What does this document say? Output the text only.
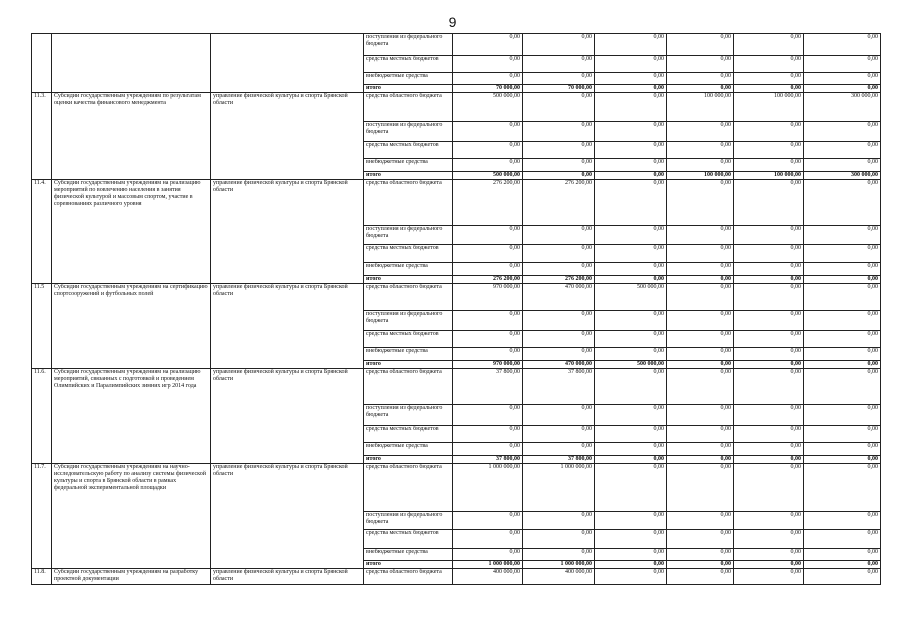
9
			поступления из федерального бюджета	0,00	0,00	0,00	0,00	0,00	0,00
			средства местных бюджетов	0,00	0,00	0,00	0,00	0,00	0,00
			внебюджетные средства	0,00	0,00	0,00	0,00	0,00	0,00
			итого	70 000,00	70 000,00	0,00	0,00	0,00	0,00
11.3.	Субсидии государственным учреждениям по результатам оценки качества финансового менеджмента	управление физической культуры и спорта Брянской области	средства областного бюджета	500 000,00	0,00	0,00	100 000,00	100 000,00	300 000,00
			поступления из федерального бюджета	0,00	0,00	0,00	0,00	0,00	0,00
			средства местных бюджетов	0,00	0,00	0,00	0,00	0,00	0,00
			внебюджетные средства	0,00	0,00	0,00	0,00	0,00	0,00
			итого	500 000,00	0,00	0,00	100 000,00	100 000,00	300 000,00
11.4.	Субсидии государственным учреждениям на реализацию мероприятий по вовлечению населения в занятия физической культурой и массовым спортом, участие в соревнованиях различного уровня	управление физической культуры и спорта Брянской области	средства областного бюджета	276 200,00	276 200,00	0,00	0,00	0,00	0,00
			поступления из федерального бюджета	0,00	0,00	0,00	0,00	0,00	0,00
			средства местных бюджетов	0,00	0,00	0,00	0,00	0,00	0,00
			внебюджетные средства	0,00	0,00	0,00	0,00	0,00	0,00
			итого	276 200,00	276 200,00	0,00	0,00	0,00	0,00
11.5	Субсидии государственным учреждениям на сертификацию спортсооружений и футбольных полей	управление физической культуры и спорта Брянской области	средства областного бюджета	970 000,00	470 000,00	500 000,00	0,00	0,00	0,00
			поступления из федерального бюджета	0,00	0,00	0,00	0,00	0,00	0,00
			средства местных бюджетов	0,00	0,00	0,00	0,00	0,00	0,00
			внебюджетные средства	0,00	0,00	0,00	0,00	0,00	0,00
			итого	970 000,00	470 000,00	500 000,00	0,00	0,00	0,00
11.6.	Субсидии государственным учреждениям на реализацию мероприятий, связанных с подготовкой и проведением Олимпийских и Паралимпийских зимних игр 2014 года	управление физической культуры и спорта Брянской области	средства областного бюджета	37 800,00	37 800,00	0,00	0,00	0,00	0,00
			поступления из федерального бюджета	0,00	0,00	0,00	0,00	0,00	0,00
			средства местных бюджетов	0,00	0,00	0,00	0,00	0,00	0,00
			внебюджетные средства	0,00	0,00	0,00	0,00	0,00	0,00
			итого	37 800,00	37 800,00	0,00	0,00	0,00	0,00
11.7.	Субсидии государственным учреждениям на научно-исследовательскую работу по анализу системы физической культуры и спорта в Брянской области в рамках федеральной экспериментальной площадки	управление физической культуры и спорта Брянской области	средства областного бюджета	1 000 000,00	1 000 000,00	0,00	0,00	0,00	0,00
			поступления из федерального бюджета	0,00	0,00	0,00	0,00	0,00	0,00
			средства местных бюджетов	0,00	0,00	0,00	0,00	0,00	0,00
			внебюджетные средства	0,00	0,00	0,00	0,00	0,00	0,00
			итого	1 000 000,00	1 000 000,00	0,00	0,00	0,00	0,00
11.8.	Субсидии государственным учреждениям на разработку проектной документации	управление физической культуры и спорта Брянской области	средства областного бюджета	400 000,00	400 000,00	0,00	0,00	0,00	0,00
